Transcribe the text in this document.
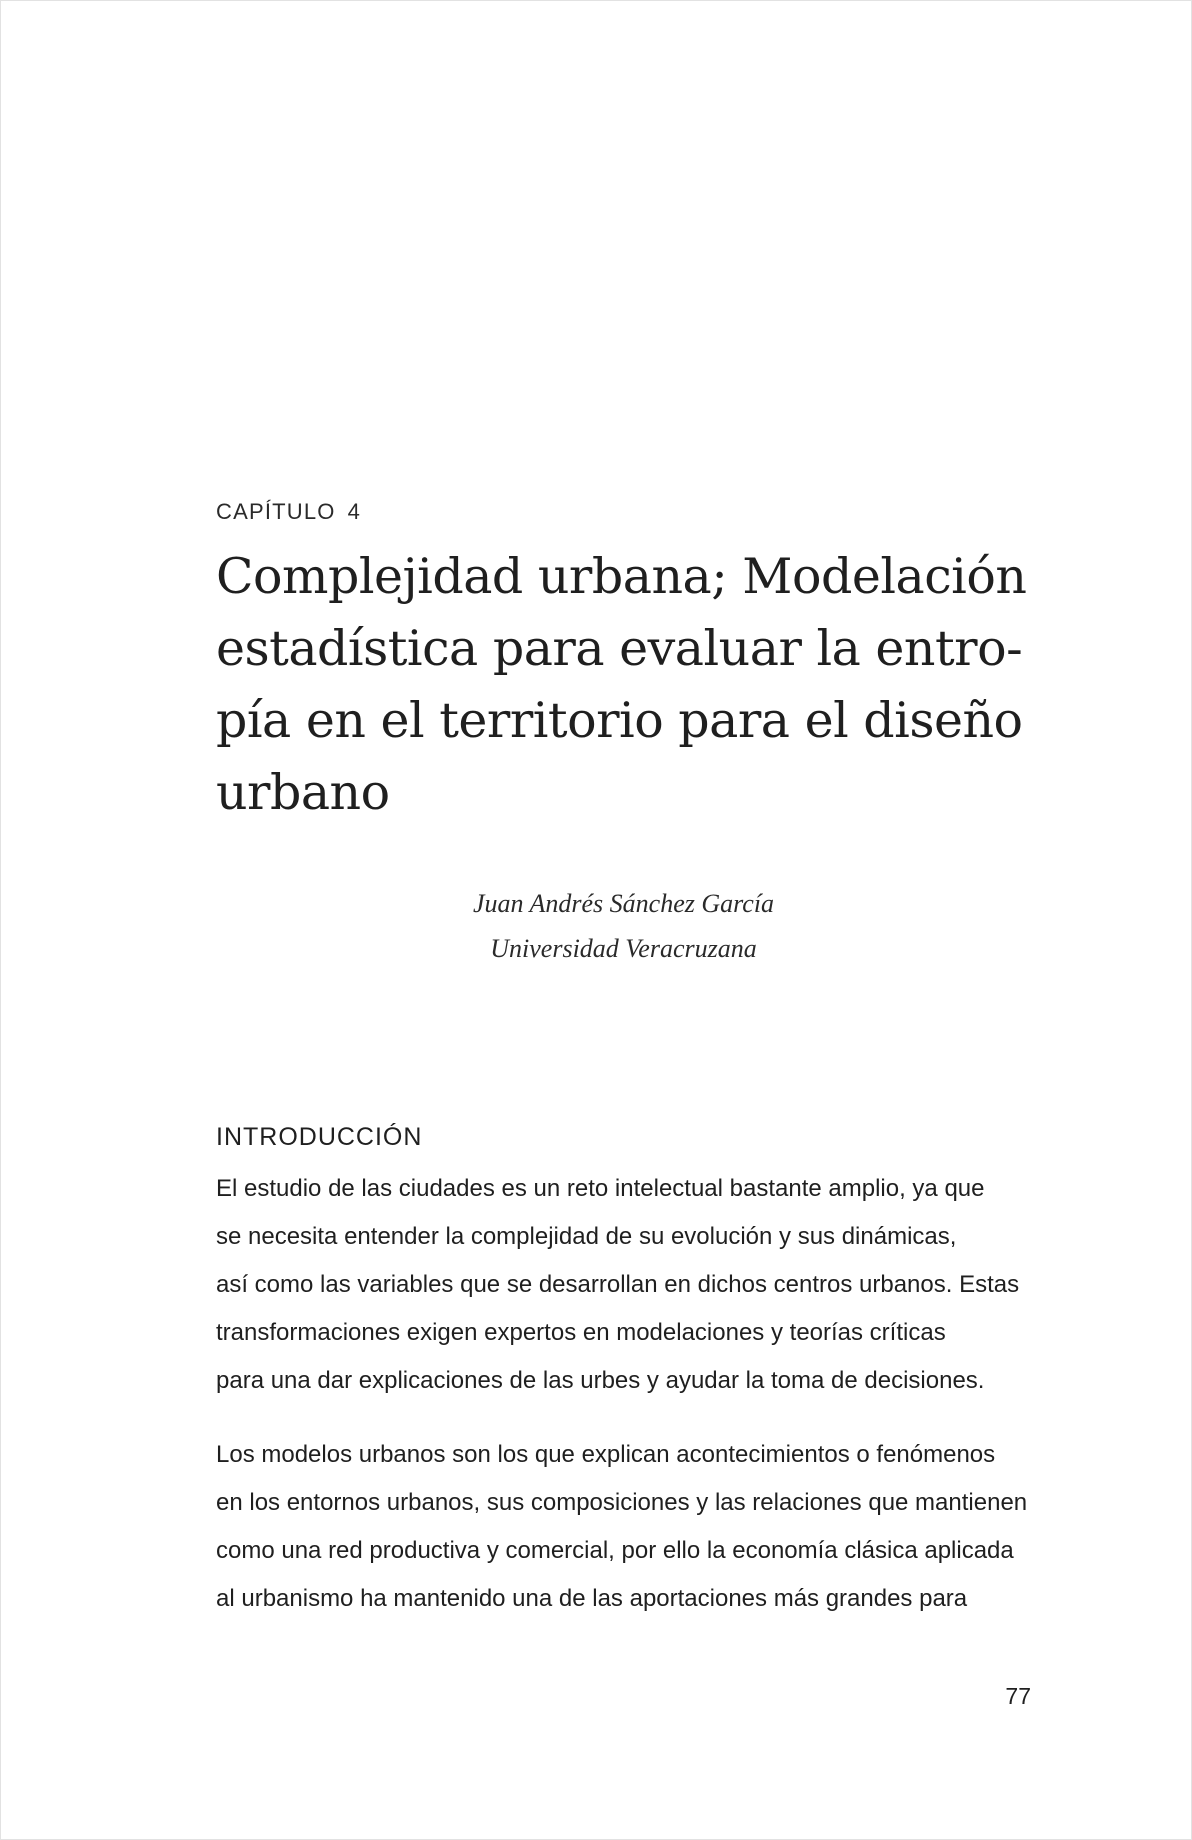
CAPÍTULO 4
Complejidad urbana; Modelación
estadística para evaluar la entro-
pía en el territorio para el diseño
urbano
Juan Andrés Sánchez García
Universidad Veracruzana
INTRODUCCIÓN
El estudio de las ciudades es un reto intelectual bastante amplio, ya que
se necesita entender la complejidad de su evolución y sus dinámicas,
así como las variables que se desarrollan en dichos centros urbanos. Estas
transformaciones exigen expertos en modelaciones y teorías críticas
para una dar explicaciones de las urbes y ayudar la toma de decisiones.
Los modelos urbanos son los que explican acontecimientos o fenómenos
en los entornos urbanos, sus composiciones y las relaciones que mantienen
como una red productiva y comercial, por ello la economía clásica aplicada
al urbanismo ha mantenido una de las aportaciones más grandes para
77
